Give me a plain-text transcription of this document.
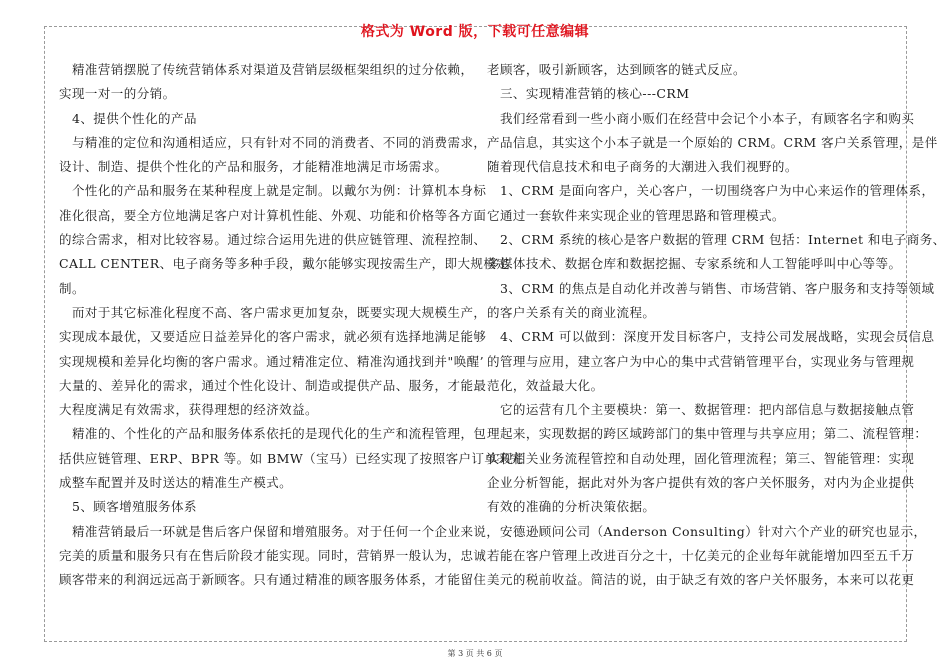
格式为 Word 版，下载可任意编辑
　精准营销摆脱了传统营销体系对渠道及营销层级框架组织的过分依赖，
实现一对一的分销。
　4、提供个性化的产品
　与精准的定位和沟通相适应，只有针对不同的消费者、不同的消费需求，
设计、制造、提供个性化的产品和服务，才能精准地满足市场需求。
　个性化的产品和服务在某种程度上就是定制。以戴尔为例：计算机本身标
准化很高，要全方位地满足客户对计算机性能、外观、功能和价格等各方面
的综合需求，相对比较容易。通过综合运用先进的供应链管理、流程控制、
CALL CENTER、电子商务等多种手段，戴尔能够实现按需生产，即大规模定
制。
　而对于其它标准化程度不高、客户需求更加复杂，既要实现大规模生产，
实现成本最优，又要适应日益差异化的客户需求，就必须有选择地满足能够
实现规模和差异化均衡的客户需求。通过精准定位、精准沟通找到并"唤醒’
大量的、差异化的需求，通过个性化设计、制造或提供产品、服务，才能最
大程度满足有效需求，获得理想的经济效益。
　精准的、个性化的产品和服务体系依托的是现代化的生产和流程管理，包
括供应链管理、ERP、BPR 等。如 BMW（宝马）已经实现了按照客户订单来完
成整车配置并及时送达的精准生产模式。
　5、顾客增殖服务体系
　精准营销最后一环就是售后客户保留和增殖服务。对于任何一个企业来说，
完美的质量和服务只有在售后阶段才能实现。同时，营销界一般认为，忠诚
顾客带来的利润远远高于新顾客。只有通过精准的顾客服务体系，才能留住
老顾客，吸引新顾客，达到顾客的链式反应。
　三、实现精准营销的核心---CRM
　我们经常看到一些小商小贩们在经营中会记个小本子，有顾客名字和购买
产品信息，其实这个小本子就是一个原始的 CRM。CRM 客户关系管理，是伴
随着现代信息技术和电子商务的大潮进入我们视野的。
　1、CRM 是面向客户，关心客户，一切围绕客户为中心来运作的管理体系，
它通过一套软件来实现企业的管理思路和管理模式。
　2、CRM 系统的核心是客户数据的管理 CRM 包括：Internet 和电子商务、
多媒体技术、数据仓库和数据挖掘、专家系统和人工智能呼叫中心等等。
　3、CRM 的焦点是自动化并改善与销售、市场营销、客户服务和支持等领域
的客户关系有关的商业流程。
　4、CRM 可以做到：深度开发目标客户，支持公司发展战略，实现会员信息
的管理与应用，建立客户为中心的集中式营销管理平台，实现业务与管理规
范化，效益最大化。
　它的运营有几个主要模块：第一、数据管理：把内部信息与数据接触点管
理起来，实现数据的跨区域跨部门的集中管理与共享应用；第二、流程管理：
实现相关业务流程管控和自动处理，固化管理流程；第三、智能管理：实现
企业分析智能，据此对外为客户提供有效的客户关怀服务，对内为企业提供
有效的准确的分析决策依据。
　安德逊顾问公司（Anderson Consulting）针对六个产业的研究也显示，
若能在客户管理上改进百分之十，十亿美元的企业每年就能增加四至五千万
美元的税前收益。简洁的说，由于缺乏有效的客户关怀服务，本来可以花更
第 3 页 共 6 页
